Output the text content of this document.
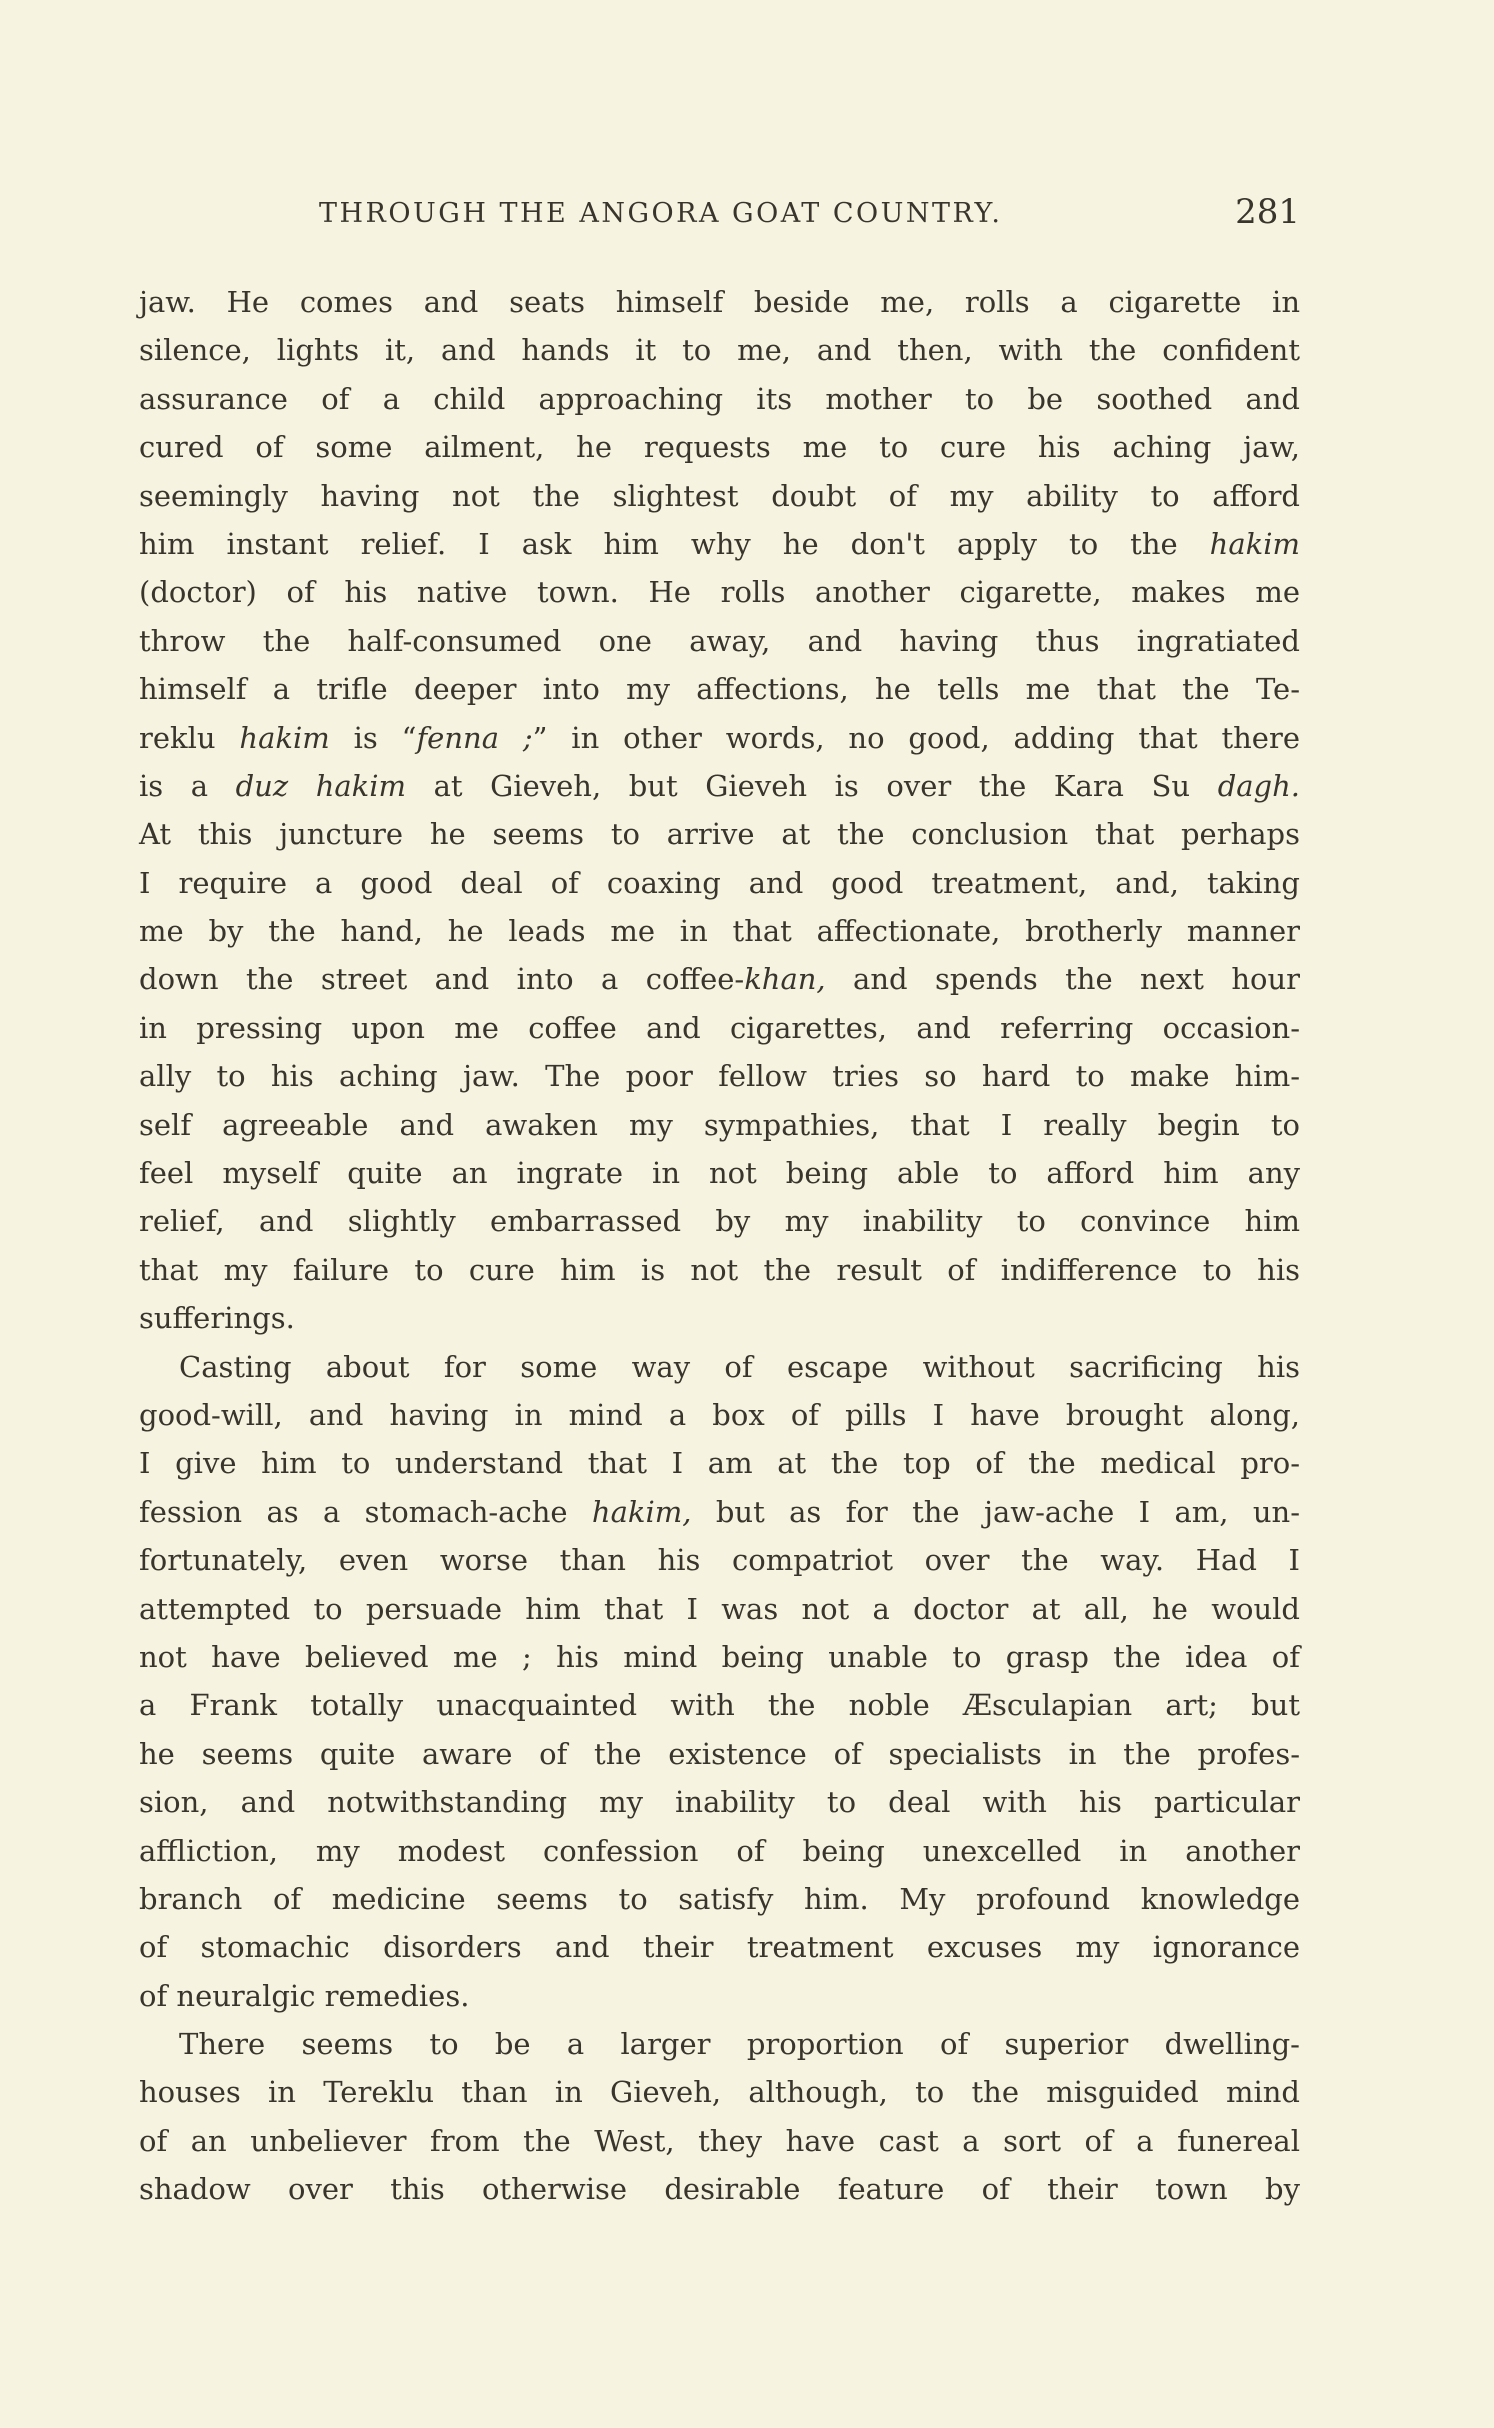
THROUGH THE ANGORA GOAT COUNTRY.	281
jaw. He comes and seats himself beside me, rolls a cigarette in
silence, lights it, and hands it to me, and then, with the confident
assurance of a child approaching its mother to be soothed and
cured of some ailment, he requests me to cure his aching jaw,
seemingly having not the slightest doubt of my ability to afford
him instant relief. I ask him why he don't apply to the hakim
(doctor) of his native town. He rolls another cigarette, makes me
throw the half-consumed one away, and having thus ingratiated
himself a trifle deeper into my affections, he tells me that the Te-
reklu hakim is “fenna ;” in other words, no good, adding that there
is a duz hakim at Gieveh, but Gieveh is over the Kara Su dagh.
At this juncture he seems to arrive at the conclusion that perhaps
I require a good deal of coaxing and good treatment, and, taking
me by the hand, he leads me in that affectionate, brotherly manner
down the street and into a coffee-khan, and spends the next hour
in pressing upon me coffee and cigarettes, and referring occasion-
ally to his aching jaw. The poor fellow tries so hard to make him-
self agreeable and awaken my sympathies, that I really begin to
feel myself quite an ingrate in not being able to afford him any
relief, and slightly embarrassed by my inability to convince him
that my failure to cure him is not the result of indifference to his
sufferings.
Casting about for some way of escape without sacrificing his
good-will, and having in mind a box of pills I have brought along,
I give him to understand that I am at the top of the medical pro-
fession as a stomach-ache hakim, but as for the jaw-ache I am, un-
fortunately, even worse than his compatriot over the way. Had I
attempted to persuade him that I was not a doctor at all, he would
not have believed me ; his mind being unable to grasp the idea of
a Frank totally unacquainted with the noble Æsculapian art; but
he seems quite aware of the existence of specialists in the profes-
sion, and notwithstanding my inability to deal with his particular
affliction, my modest confession of being unexcelled in another
branch of medicine seems to satisfy him. My profound knowledge
of stomachic disorders and their treatment excuses my ignorance
of neuralgic remedies.
There seems to be a larger proportion of superior dwelling-
houses in Tereklu than in Gieveh, although, to the misguided mind
of an unbeliever from the West, they have cast a sort of a funereal
shadow over this otherwise desirable feature of their town by
